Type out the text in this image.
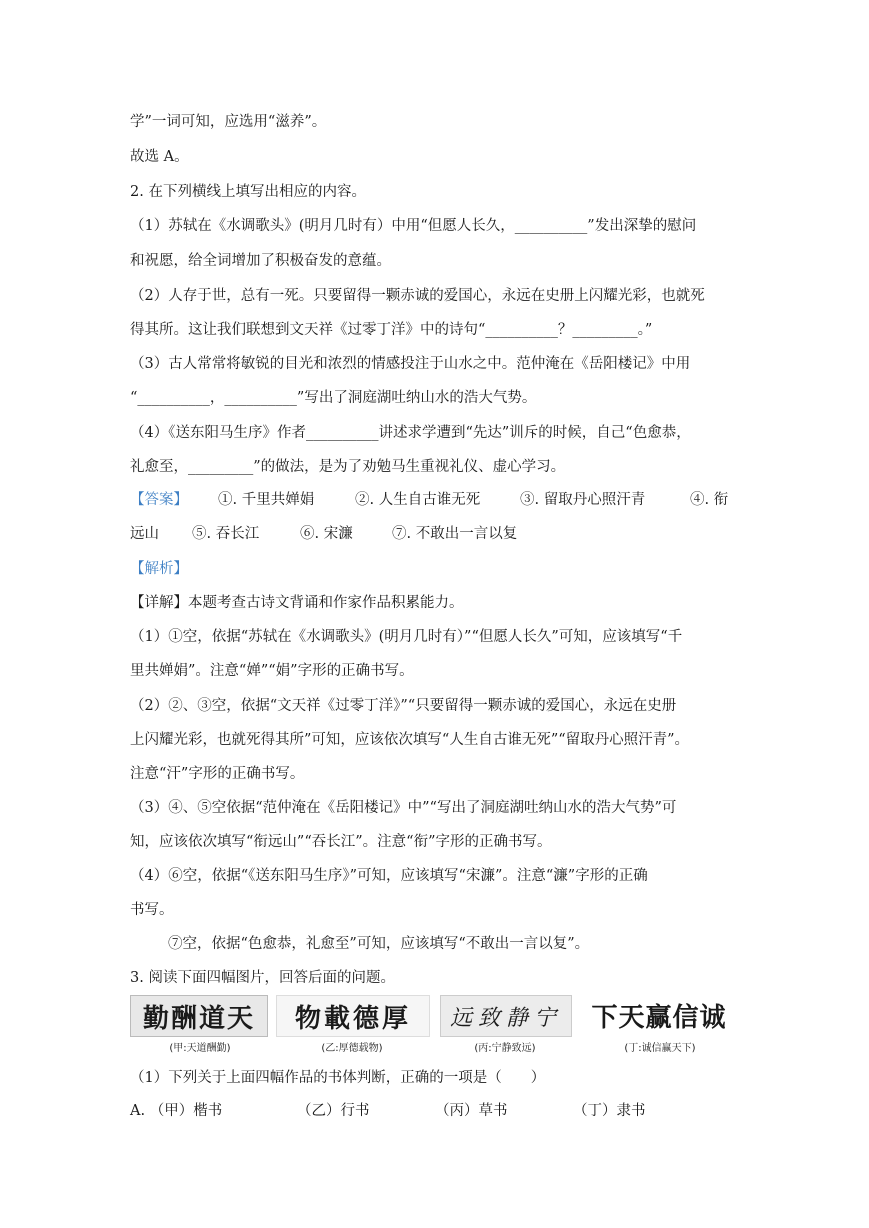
学”一词可知，应选用“滋养”。
故选 A。
2. 在下列横线上填写出相应的内容。
（1）苏轼在《水调歌头》(明月几时有）中用“但愿人长久，__________”发出深挚的慰问
和祝愿，给全词增加了积极奋发的意蕴。
（2）人存于世，总有一死。只要留得一颗赤诚的爱国心，永远在史册上闪耀光彩，也就死
得其所。这让我们联想到文天祥《过零丁洋》中的诗句“__________？_________。”
（3）古人常常将敏锐的目光和浓烈的情感投注于山水之中。范仲淹在《岳阳楼记》中用
“__________，__________”写出了洞庭湖吐纳山水的浩大气势。
（4）《送东阳马生序》作者__________讲述求学遭到“先达”训斥的时候，自己“色愈恭，
礼愈至，_________”的做法，是为了劝勉马生重视礼仪、虚心学习。
【答案】 ①. 千里共婵娟	②. 人生自古谁无死	③. 留取丹心照汗青	④. 衔
远山 ⑤. 吞长江	⑥. 宋濂	⑦. 不敢出一言以复
【解析】
【详解】本题考查古诗文背诵和作家作品积累能力。
（1）①空，依据“苏轼在《水调歌头》(明月几时有）”“但愿人长久”可知，应该填写“千
里共婵娟”。注意“婵”“娟”字形的正确书写。
（2）②、③空，依据“文天祥《过零丁洋》”“只要留得一颗赤诚的爱国心，永远在史册
上闪耀光彩，也就死得其所”可知，应该依次填写“人生自古谁无死”“留取丹心照汗青”。
注意“汗”字形的正确书写。
（3）④、⑤空依据“范仲淹在《岳阳楼记》中”“写出了洞庭湖吐纳山水的浩大气势”可
知，应该依次填写“衔远山”“吞长江”。注意“衔”字形的正确书写。
（4）⑥空，依据“《送东阳马生序》”可知，应该填写“宋濂”。注意“濂”字形的正确
书写。
⑦空，依据“色愈恭，礼愈至”可知，应该填写“不敢出一言以复”。
3. 阅读下面四幅图片，回答后面的问题。
勤酬道天
(甲:天道酬勤)
物載德厚
(乙:厚德载物)
远致静宁
(丙:宁静致远)
下天赢信诚
(丁:诚信赢天下)
（1）下列关于上面四幅作品的书体判断，正确的一项是（　　）
A. （甲）楷书	（乙）行书	（丙）草书	（丁）隶书
